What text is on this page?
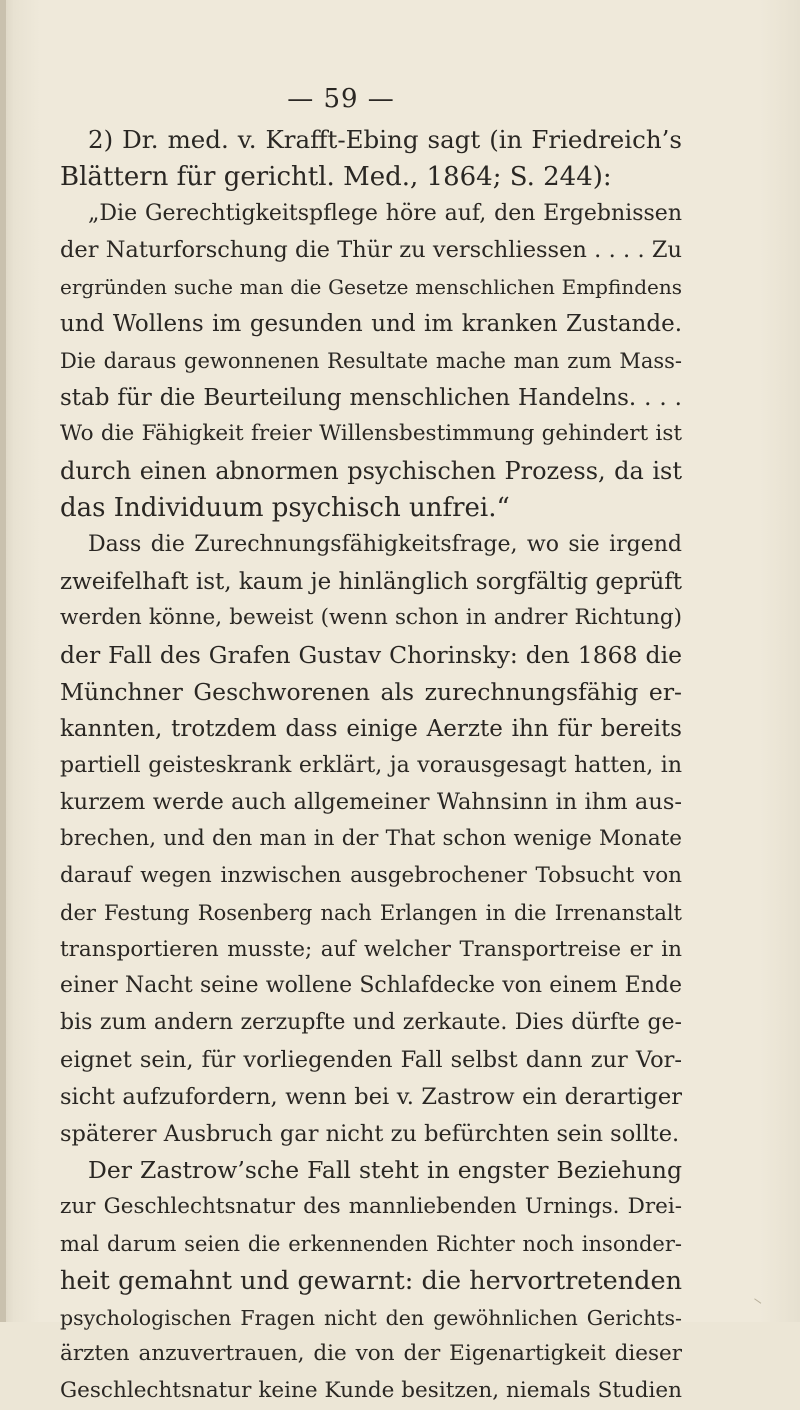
— 59 —
2) Dr. med. v. Krafft-Ebing sagt (in Friedreich’s
Blättern für gerichtl. Med., 1864; S. 244):
„Die Gerechtigkeitspflege höre auf, den Ergebnissen
der Naturforschung die Thür zu verschliessen . . . . Zu
ergründen suche man die Gesetze menschlichen Empfindens
und Wollens im gesunden und im kranken Zustande.
Die daraus gewonnenen Resultate mache man zum Mass-
stab für die Beurteilung menschlichen Handelns. . . .
Wo die Fähigkeit freier Willensbestimmung gehindert ist
durch einen abnormen psychischen Prozess, da ist
das Individuum psychisch unfrei.“
Dass die Zurechnungsfähigkeitsfrage, wo sie irgend
zweifelhaft ist, kaum je hinlänglich sorgfältig geprüft
werden könne, beweist (wenn schon in andrer Richtung)
der Fall des Grafen Gustav Chorinsky: den 1868 die
Münchner Geschworenen als zurechnungsfähig er-
kannten, trotzdem dass einige Aerzte ihn für bereits
partiell geisteskrank erklärt, ja vorausgesagt hatten, in
kurzem werde auch allgemeiner Wahnsinn in ihm aus-
brechen, und den man in der That schon wenige Monate
darauf wegen inzwischen ausgebrochener Tobsucht von
der Festung Rosenberg nach Erlangen in die Irrenanstalt
transportieren musste; auf welcher Transportreise er in
einer Nacht seine wollene Schlafdecke von einem Ende
bis zum andern zerzupfte und zerkaute. Dies dürfte ge-
eignet sein, für vorliegenden Fall selbst dann zur Vor-
sicht aufzufordern, wenn bei v. Zastrow ein derartiger
späterer Ausbruch gar nicht zu befürchten sein sollte.
Der Zastrow’sche Fall steht in engster Beziehung
zur Geschlechtsnatur des mannliebenden Urnings. Drei-
mal darum seien die erkennenden Richter noch insonder-
heit gemahnt und gewarnt: die hervortretenden
psychologischen Fragen nicht den gewöhnlichen Gerichts-
ärzten anzuvertrauen, die von der Eigenartigkeit dieser
Geschlechtsnatur keine Kunde besitzen, niemals Studien
